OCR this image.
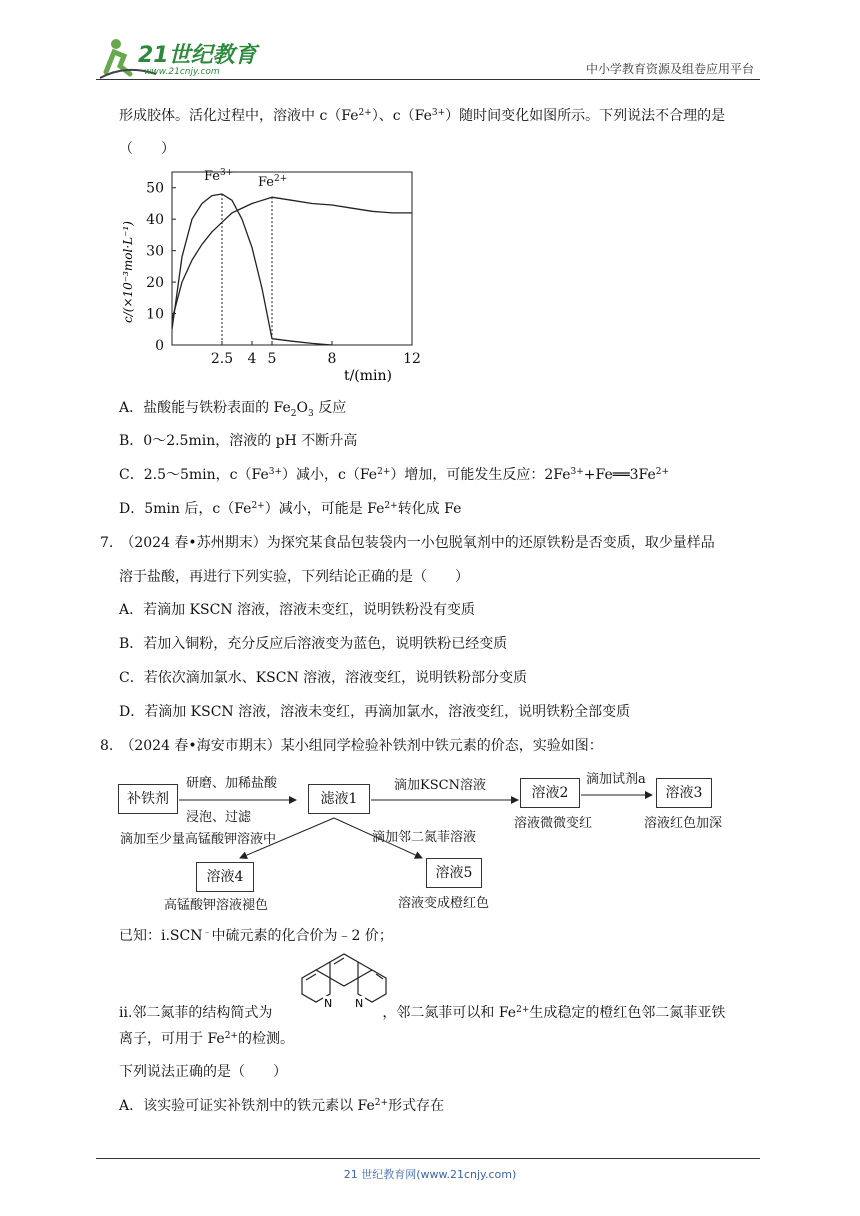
21世纪教育
www.21cnjy.com	中小学教育资源及组卷应用平台
形成胶体。活化过程中，溶液中 $c(Fe^{2+})$、$c(Fe^{3+})$随时间变化如图所示。下列说法不合理的是
（　　）
0
10
20
30
40
50
2.5 4 5	8	12
$Fe^{3+}$
$Fe^{2+}$
c/(×10⁻³mol·L⁻¹)
t/(min)
A．盐酸能与铁粉表面的 $Fe_2O_3$ 反应
B．0～2.5min，溶液的 pH 不断升高
C．2.5～5min，$c(Fe^{3+})$减小，$c(Fe^{2+})$增加，可能发生反应：$2Fe^{3+}+Fe══3Fe^{2+}$
D．5min 后，$c(Fe^{2+})$减小，可能是 $Fe^{2+}$转化成 Fe
7.　（2024 春•苏州期末）为探究某食品包装袋内一小包脱氧剂中的还原铁粉是否变质，取少量样品
溶于盐酸，再进行下列实验，下列结论正确的是（　　）
A．若滴加 KSCN 溶液，溶液未变红，说明铁粉没有变质
B．若加入铜粉，充分反应后溶液变为蓝色，说明铁粉已经变质
C．若依次滴加氯水、KSCN 溶液，溶液变红，说明铁粉部分变质
D．若滴加 KSCN 溶液，溶液未变红，再滴加氯水，溶液变红，说明铁粉全部变质
8.　（2024 春•海安市期末）某小组同学检验补铁剂中铁元素的价态，实验如图：
补铁剂
研磨、加稀盐酸
浸泡、过滤
滤液1
滴加KSCN溶液	溶液2
溶液微微变红
滴加试剂a
溶液3
溶液红色加深
滴加至少量高锰酸钾溶液中	滴加邻二氮菲溶液
溶液4
高锰酸钾溶液褪色
溶液5
溶液变成橙红色
已知：ⅰ.SCN﹣中硫元素的化合价为﹣2 价；
N N
ⅱ.邻二氮菲的结构简式为	，邻二氮菲可以和 $Fe^{2+}$生成稳定的橙红色邻二氮菲亚铁
离子，可用于 $Fe^{2+}$的检测。
下列说法正确的是（　　）
A．该实验可证实补铁剂中的铁元素以 $Fe^{2+}$形式存在
21 世纪教育网(www.21cnjy.com)
